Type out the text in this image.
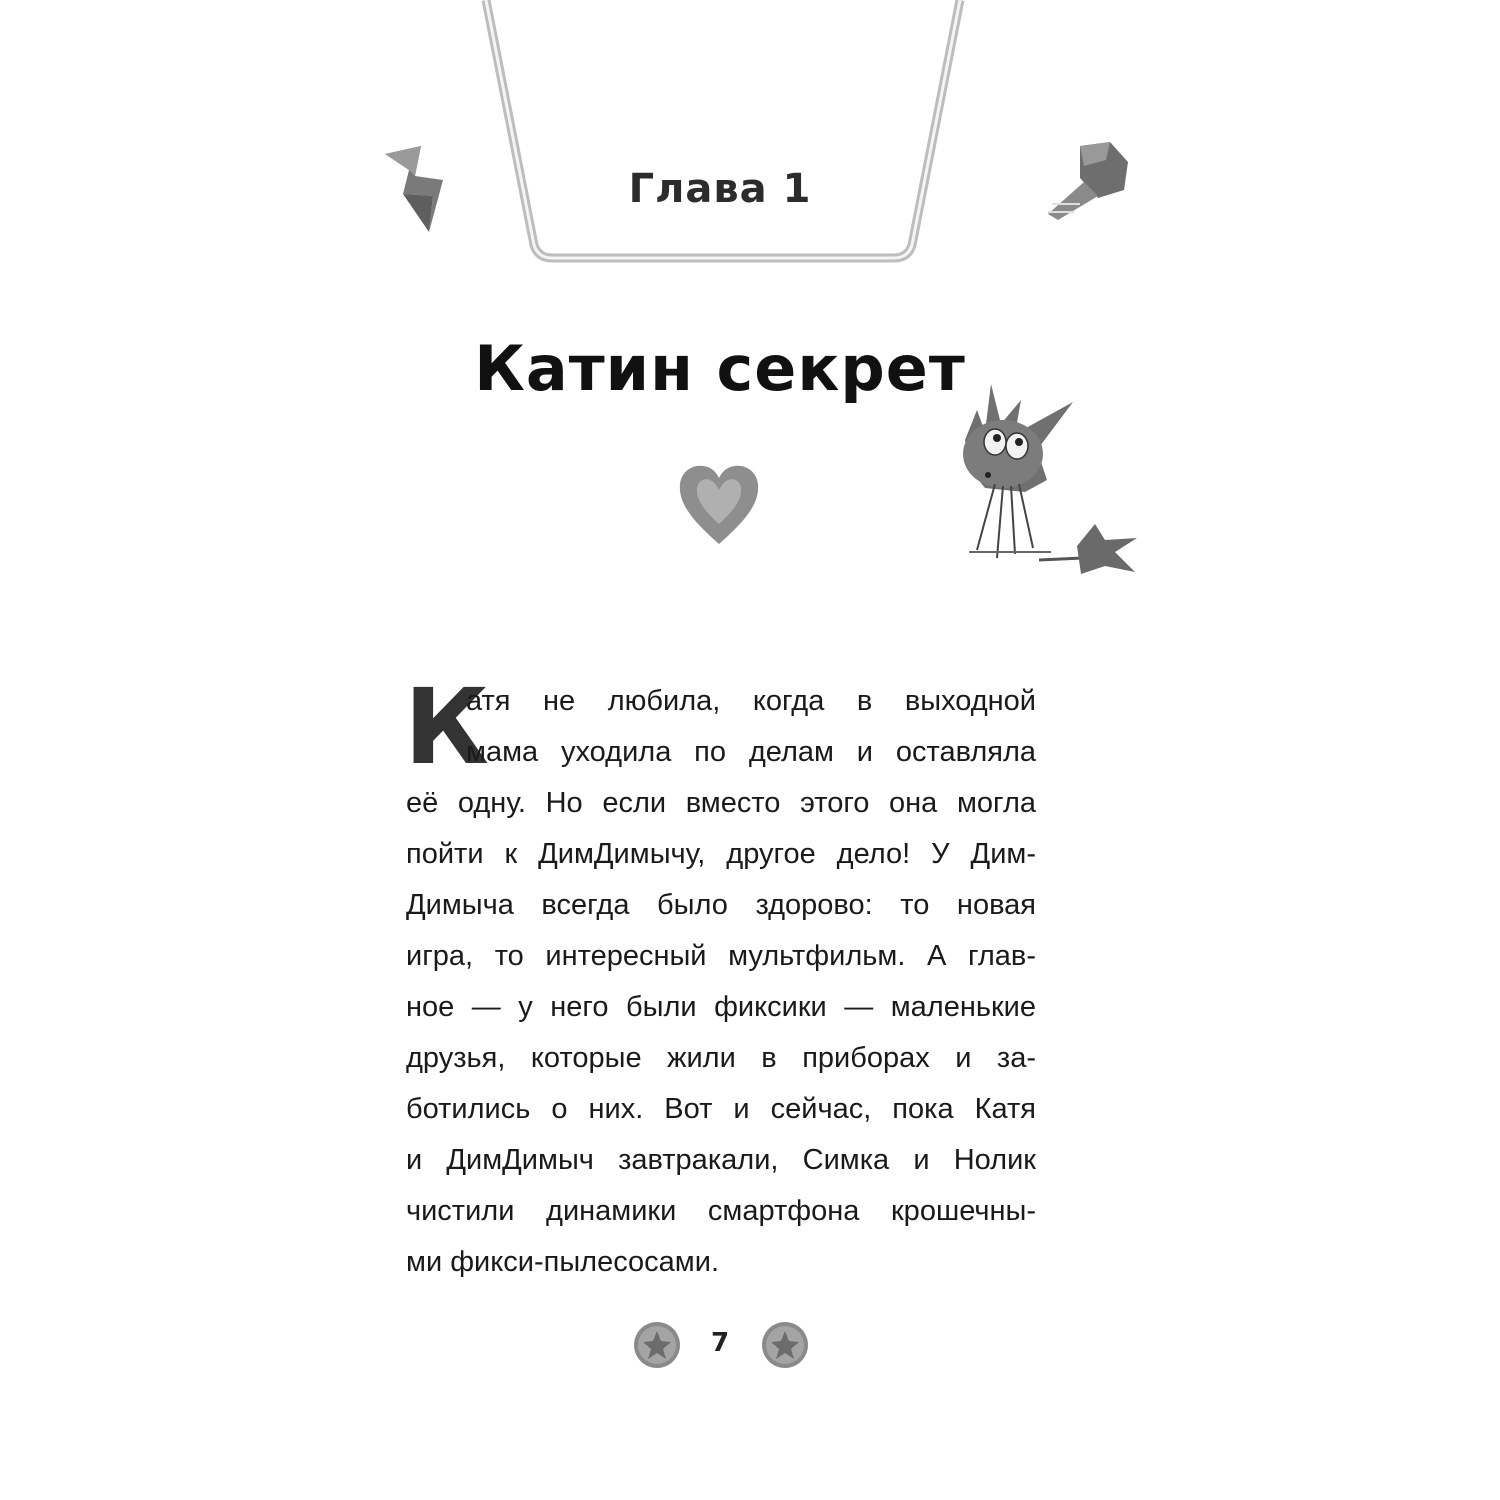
Глава 1
Катин секрет
К
атя не любила, когда в выходной
мама уходила по делам и оставляла
её одну. Но если вместо этого она могла
пойти к ДимДимычу, другое дело! У Дим-
Димыча всегда было здорово: то новая
игра, то интересный мультфильм. А глав-
ное — у него были фиксики — маленькие
друзья, которые жили в приборах и за-
ботились о них. Вот и сейчас, пока Катя
и ДимДимыч завтракали, Симка и Нолик
чистили динамики смартфона крошечны-
ми фикси-пылесосами.
7
